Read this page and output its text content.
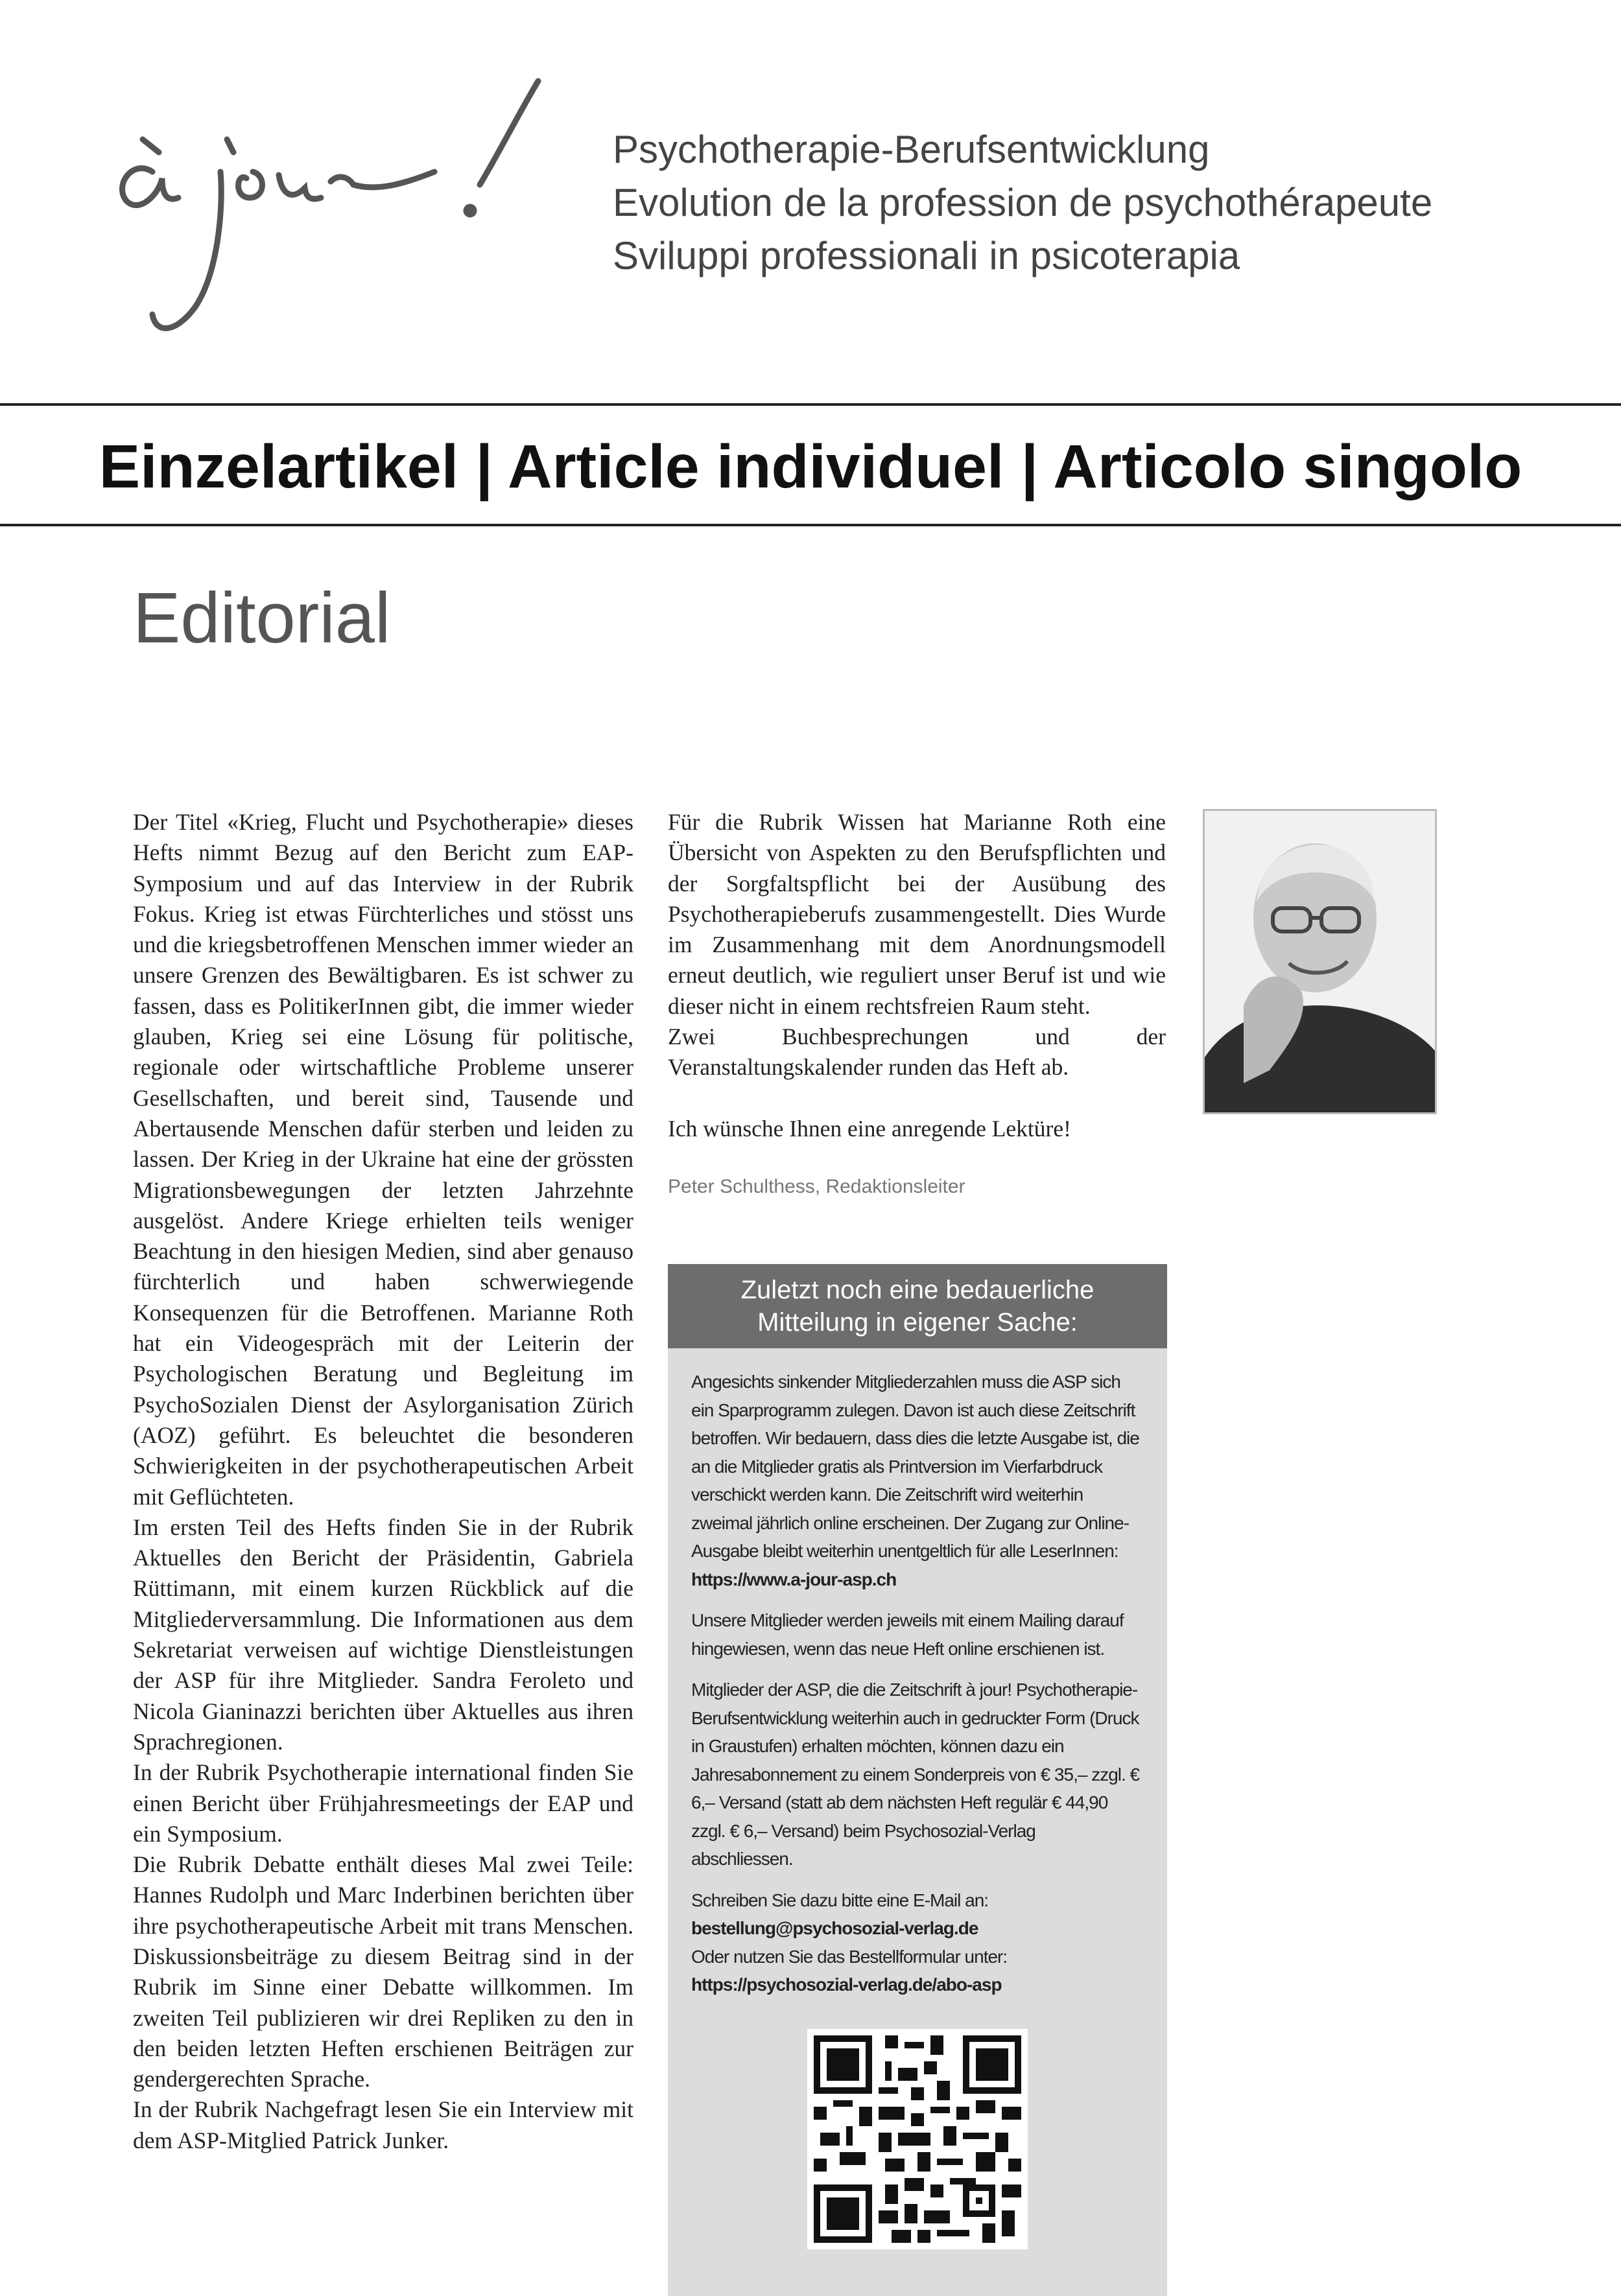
Psychotherapie-Berufsentwicklung
Evolution de la profession de psychothérapeute
Sviluppi professionali in psicoterapia
Einzelartikel | Article individuel | Articolo singolo
Editorial

Der Titel «Krieg, Flucht und Psychotherapie» dieses Hefts nimmt Bezug auf den Bericht zum EAP-Symposium und auf das Interview in der Rubrik Fokus. Krieg ist etwas Fürchterliches und stösst uns und die kriegsbetroffenen Menschen immer wieder an unsere Grenzen des Bewältigbaren. Es ist schwer zu fassen, dass es PolitikerInnen gibt, die immer wieder glauben, Krieg sei eine Lösung für politische, regionale oder wirtschaftliche Probleme unserer Gesellschaften, und bereit sind, Tausende und Abertausende Menschen dafür sterben und leiden zu lassen. Der Krieg in der Ukraine hat eine der grössten Migrationsbewegungen der letzten Jahrzehnte ausgelöst. Andere Kriege erhielten teils weniger Beachtung in den hiesigen Medien, sind aber genauso fürchterlich und haben schwerwiegende Konsequenzen für die Betroffenen. Marianne Roth hat ein Videogespräch mit der Leiterin der Psychologischen Beratung und Begleitung im PsychoSozialen Dienst der Asylorganisation Zürich (AOZ) geführt. Es beleuchtet die besonderen Schwierigkeiten in der psychotherapeutischen Arbeit mit Geflüchteten.

Im ersten Teil des Hefts finden Sie in der Rubrik Aktuelles den Bericht der Präsidentin, Gabriela Rüttimann, mit einem kurzen Rückblick auf die Mitgliederversammlung. Die Informationen aus dem Sekretariat verweisen auf wichtige Dienstleistungen der ASP für ihre Mitglieder. Sandra Feroleto und Nicola Gianinazzi berichten über Aktuelles aus ihren Sprachregionen.

In der Rubrik Psychotherapie international finden Sie einen Bericht über Frühjahresmeetings der EAP und ein Symposium.

Die Rubrik Debatte enthält dieses Mal zwei Teile: Hannes Rudolph und Marc Inderbinen berichten über ihre psychotherapeutische Arbeit mit trans Menschen. Diskussionsbeiträge zu diesem Beitrag sind in der Rubrik im Sinne einer Debatte willkommen. Im zweiten Teil publizieren wir drei Repliken zu den in den beiden letzten Heften erschienen Beiträgen zur gendergerechten Sprache.

In der Rubrik Nachgefragt lesen Sie ein Interview mit dem ASP-Mitglied Patrick Junker.

Für die Rubrik Wissen hat Marianne Roth eine Übersicht von Aspekten zu den Berufspflichten und der Sorgfaltspflicht bei der Ausübung des Psychotherapieberufs zusammengestellt. Dies Wurde im Zusammenhang mit dem Anordnungsmodell erneut deutlich, wie reguliert unser Beruf ist und wie dieser nicht in einem rechtsfreien Raum steht.

Zwei Buchbesprechungen und der Veranstaltungskalender runden das Heft ab.

Ich wünsche Ihnen eine anregende Lektüre!

Peter Schulthess, Redaktionsleiter
Zuletzt noch eine bedauerliche
Mitteilung in eigener Sache:

Angesichts sinkender Mitgliederzahlen muss die ASP sich ein Sparprogramm zulegen. Davon ist auch diese Zeitschrift betroffen. Wir bedauern, dass dies die letzte Ausgabe ist, die an die Mitglieder gratis als Printversion im Vierfarbdruck verschickt werden kann. Die Zeitschrift wird weiterhin zweimal jährlich online erscheinen. Der Zugang zur Online-Ausgabe bleibt weiterhin unentgeltlich für alle LeserInnen:

https://www.a-jour-asp.ch

Unsere Mitglieder werden jeweils mit einem Mailing darauf hingewiesen, wenn das neue Heft online erschienen ist.

Mitglieder der ASP, die die Zeitschrift à jour! Psychotherapie-Berufsentwicklung weiterhin auch in gedruckter Form (Druck in Graustufen) erhalten möchten, können dazu ein Jahresabonnement zu einem Sonderpreis von € 35,– zzgl. € 6,– Versand (statt ab dem nächsten Heft regulär € 44,90 zzgl. € 6,– Versand) beim Psychosozial-Verlag abschliessen.

Schreiben Sie dazu bitte eine E-Mail an:

bestellung@psychosozial-verlag.de

Oder nutzen Sie das Bestellformular unter:

https://psychosozial-verlag.de/abo-asp
